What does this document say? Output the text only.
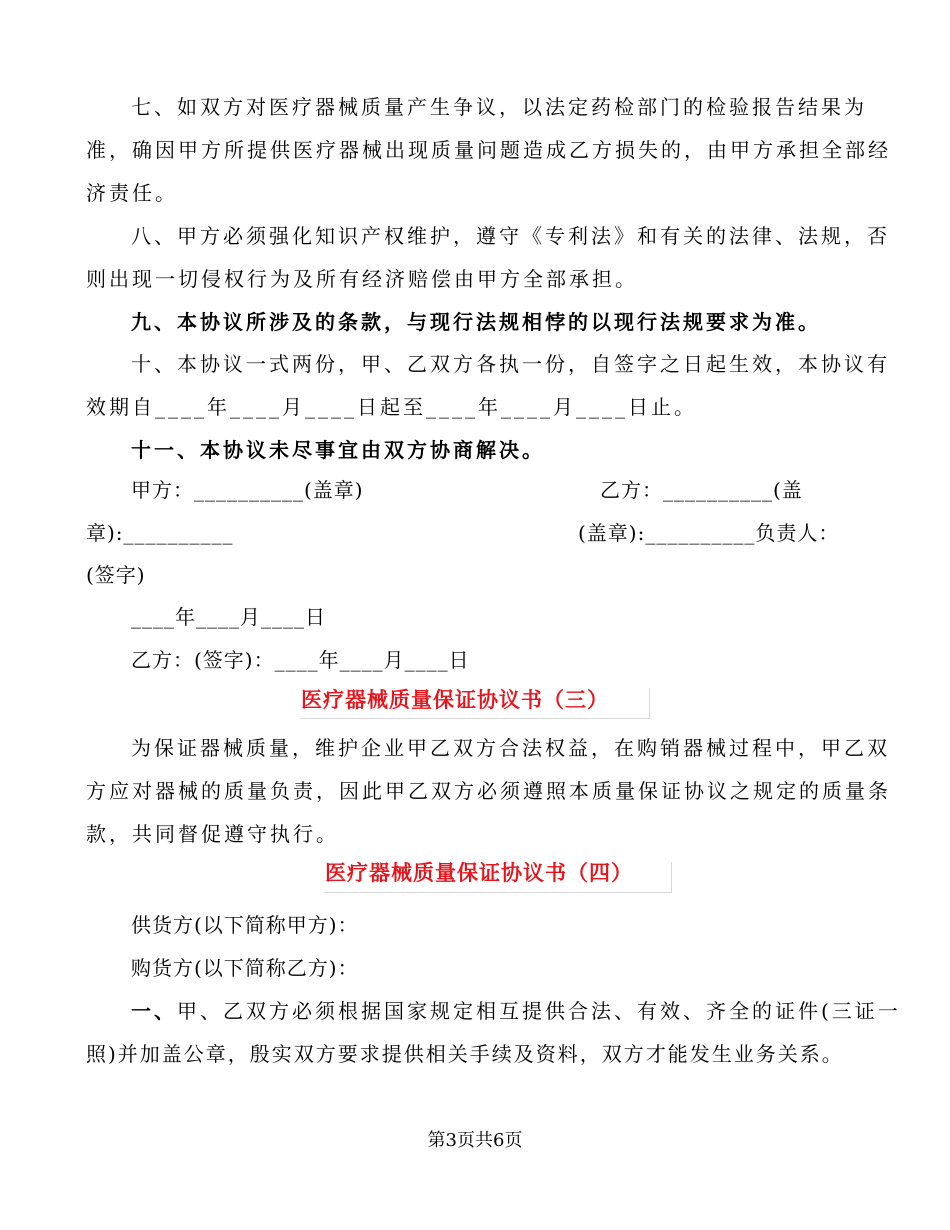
七、如双方对医疗器械质量产生争议，以法定药检部门的检验报告结果为
准，确因甲方所提供医疗器械出现质量问题造成乙方损失的，由甲方承担全部经
济责任。
八、甲方必须强化知识产权维护，遵守《专利法》和有关的法律、法规，否
则出现一切侵权行为及所有经济赔偿由甲方全部承担。
九、本协议所涉及的条款，与现行法规相悖的以现行法规要求为准。
十、本协议一式两份，甲、乙双方各执一份，自签字之日起生效，本协议有
效期自____年____月____日起至____年____月____日止。
十一、本协议未尽事宜由双方协商解决。
甲方：__________(盖章)	乙方：__________(盖
章):__________	(盖章):__________负责人：
(签字)
____年____月____日
乙方：(签字)：____年____月____日
医疗器械质量保证协议书（三）
为保证器械质量，维护企业甲乙双方合法权益，在购销器械过程中，甲乙双
方应对器械的质量负责，因此甲乙双方必须遵照本质量保证协议之规定的质量条
款，共同督促遵守执行。
医疗器械质量保证协议书（四）
供货方(以下简称甲方)：
购货方(以下简称乙方)：
一、甲、乙双方必须根据国家规定相互提供合法、有效、齐全的证件(三证一
照)并加盖公章，殷实双方要求提供相关手续及资料，双方才能发生业务关系。
第3页共6页
